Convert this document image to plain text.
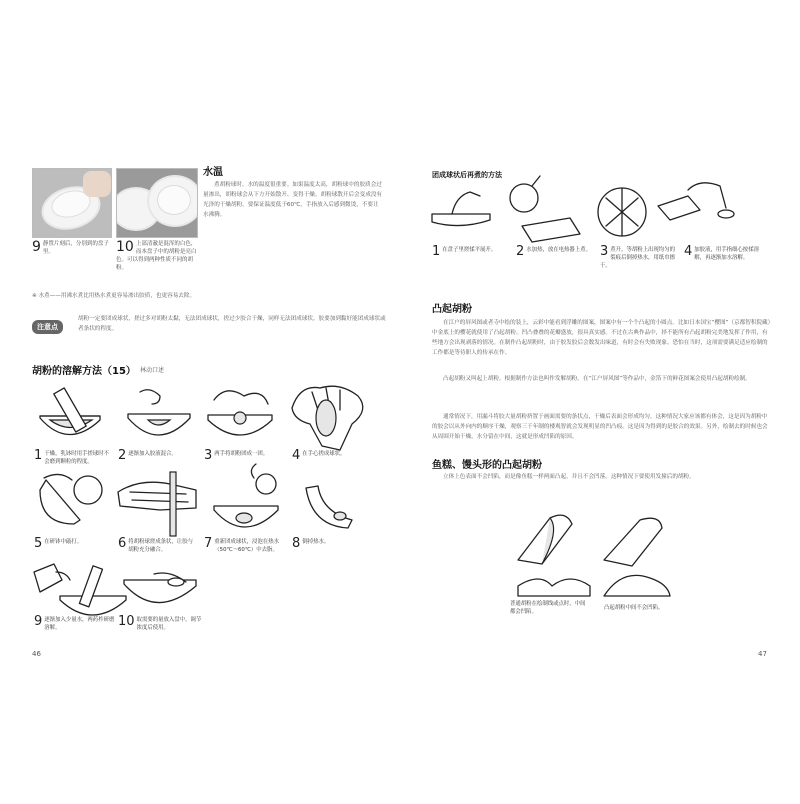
9 静置片刻后，分别到的盘子里。	10 上部清澈是混浑的白色，而本盘子中的胡粉是亮白色。可以得到两种性质不同的胡粉。
水温
煮胡粉球时，水的温度很重要。如果温度太高，胡粉球中的胶质会过量渗出，胡粉球会从下方开始散开、变得干燥。胡粉球散开后会变成没有光泽的干燥胡粉。要保证温度低于60℃，手指放入后感到微烫，不要让水沸腾。
※ 水煮——用沸水煮比用热水煮更容易渗出胶质，也更容易去除。
注意点
胡粉一定要团成球状，搓过多对胡粉太黏，无法团成球状，搓过少胶合干燥，同样无法团成球状。胶要加到黏好能团成球状或者条状的程度。
胡粉的溶解方法（15） 林动口述
1 干燥，乳钵时用手搓球时不会磨到颗粒的程度。	2 逐渐加入胶液混合。	3 两手将胡粉团成一团。	4 在手心搓成球状。
5 在研钵中敲打。	6 将胡粉球搓成条状，让胶与胡粉充分融合。	7 重新团成球状，浸泡在热水（50℃～60℃）中去脂。	8 倒掉热水。
9 逐渐加入少量水，两药杵研磨溶解。	10 取需要的量放入盘中，调节浓度后使用。
46
团成球状后再煮的方法
1 在盘子里搓揉平展开。	2 水加热，放在电热器上煮。 3 煮开，等胡粉上出现均匀的裂痕后倒掉热水，用纸巾擦干。
4 加胶液，用手指细心按揉溶解，再逐渐加水溶解。
凸起胡粉
在江户的屏风图或者寺中绘的装上，云彩中能看到浮雕的图案，图案中有一个个凸起的小圆点。比如日本国宝“樱图”（京都智积院藏）中金底上的樱花就使用了凸起胡粉。凹凸叠叠的花瓣盛放，很具真实感。不过在古典作品中，择不能所有凸起胡粉完美地发挥了作用，有些地方会出现剥落的情况。在制作凸起胡粉时，由于胶发胶后会数发出味道，有时会有失败现象。恐怕在当时，这项需要满足适应绘制的工作都是等待职人的传承在作。
凸起胡粉又叫起上胡粉，根据制作方法也叫作发解胡粉。在“江户屏风图”等作品中，金箔下的鲜花图案会使用凸起胡粉绘制。
通常情况下，用漏斗将胶大量胡粉挤置于画面需要的条状点，干燥后表面会形成均匀。这种情况大家应该都有体会，这是因为胡粉中的胶会以从外向内的顺序干燥，观察三千年制的楼观智就会发现明显的凹凸痕。这是因为得到的是胶合的效果。另外，绘制去的时候也会从周围开始干燥，水分留在中间，这就是形成凹陷的原因。
鱼糕、馒头形的凸起胡粉
立体上色表面不会凹陷，而是像鱼糕一样两面凸起，并且不会凹落。这种情况下要使用发撞后的胡粉。
普通胡粉在绘制线或点时，中间都会凹陷。
凸起胡粉中间不会凹陷。
47
